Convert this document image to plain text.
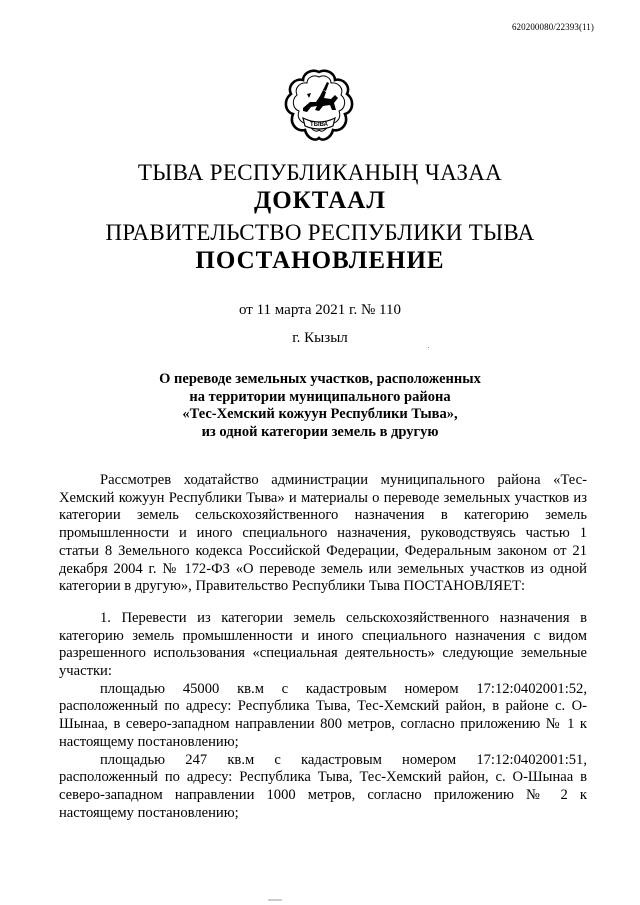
620200080/22393(11)
ТЫВА
ТЫВА РЕСПУБЛИКАНЫҢ ЧАЗАА
ДОКТААЛ
ПРАВИТЕЛЬСТВО РЕСПУБЛИКИ ТЫВА
ПОСТАНОВЛЕНИЕ
от 11 марта 2021 г. № 110
г. Кызыл
О переводе земельных участков, расположенных
на территории муниципального района
«Тес-Хемский кожуун Республики Тыва»,
из одной категории земель в другую

Рассмотрев ходатайство администрации муниципального района «Тес-Хемский кожуун Республики Тыва» и материалы о переводе земельных участков из категории земель сельскохозяйственного назначения в категорию земель промышленности и иного специального назначения, руководствуясь частью 1 статьи 8 Земельного кодекса Российской Федерации, Федеральным законом от 21 декабря 2004 г. № 172-ФЗ «О переводе земель или земельных участков из одной категории в другую», Правительство Республики Тыва ПОСТАНОВЛЯЕТ:

1. Перевести из категории земель сельскохозяйственного назначения в категорию земель промышленности и иного специального назначения с видом разрешенного использования «специальная деятельность» следующие земельные участки:

площадью 45000 кв.м с кадастровым номером 17:12:0402001:52, расположенный по адресу: Республика Тыва, Тес-Хемский район, в районе с. О-Шынаа, в северо-западном направлении 800 метров, согласно приложению № 1 к настоящему постановлению;

площадью 247 кв.м с кадастровым номером 17:12:0402001:51, расположенный по адресу: Республика Тыва, Тес-Хемский район, с. О-Шынаа в северо-западном направлении 1000 метров, согласно приложению № 2 к настоящему постановлению;
